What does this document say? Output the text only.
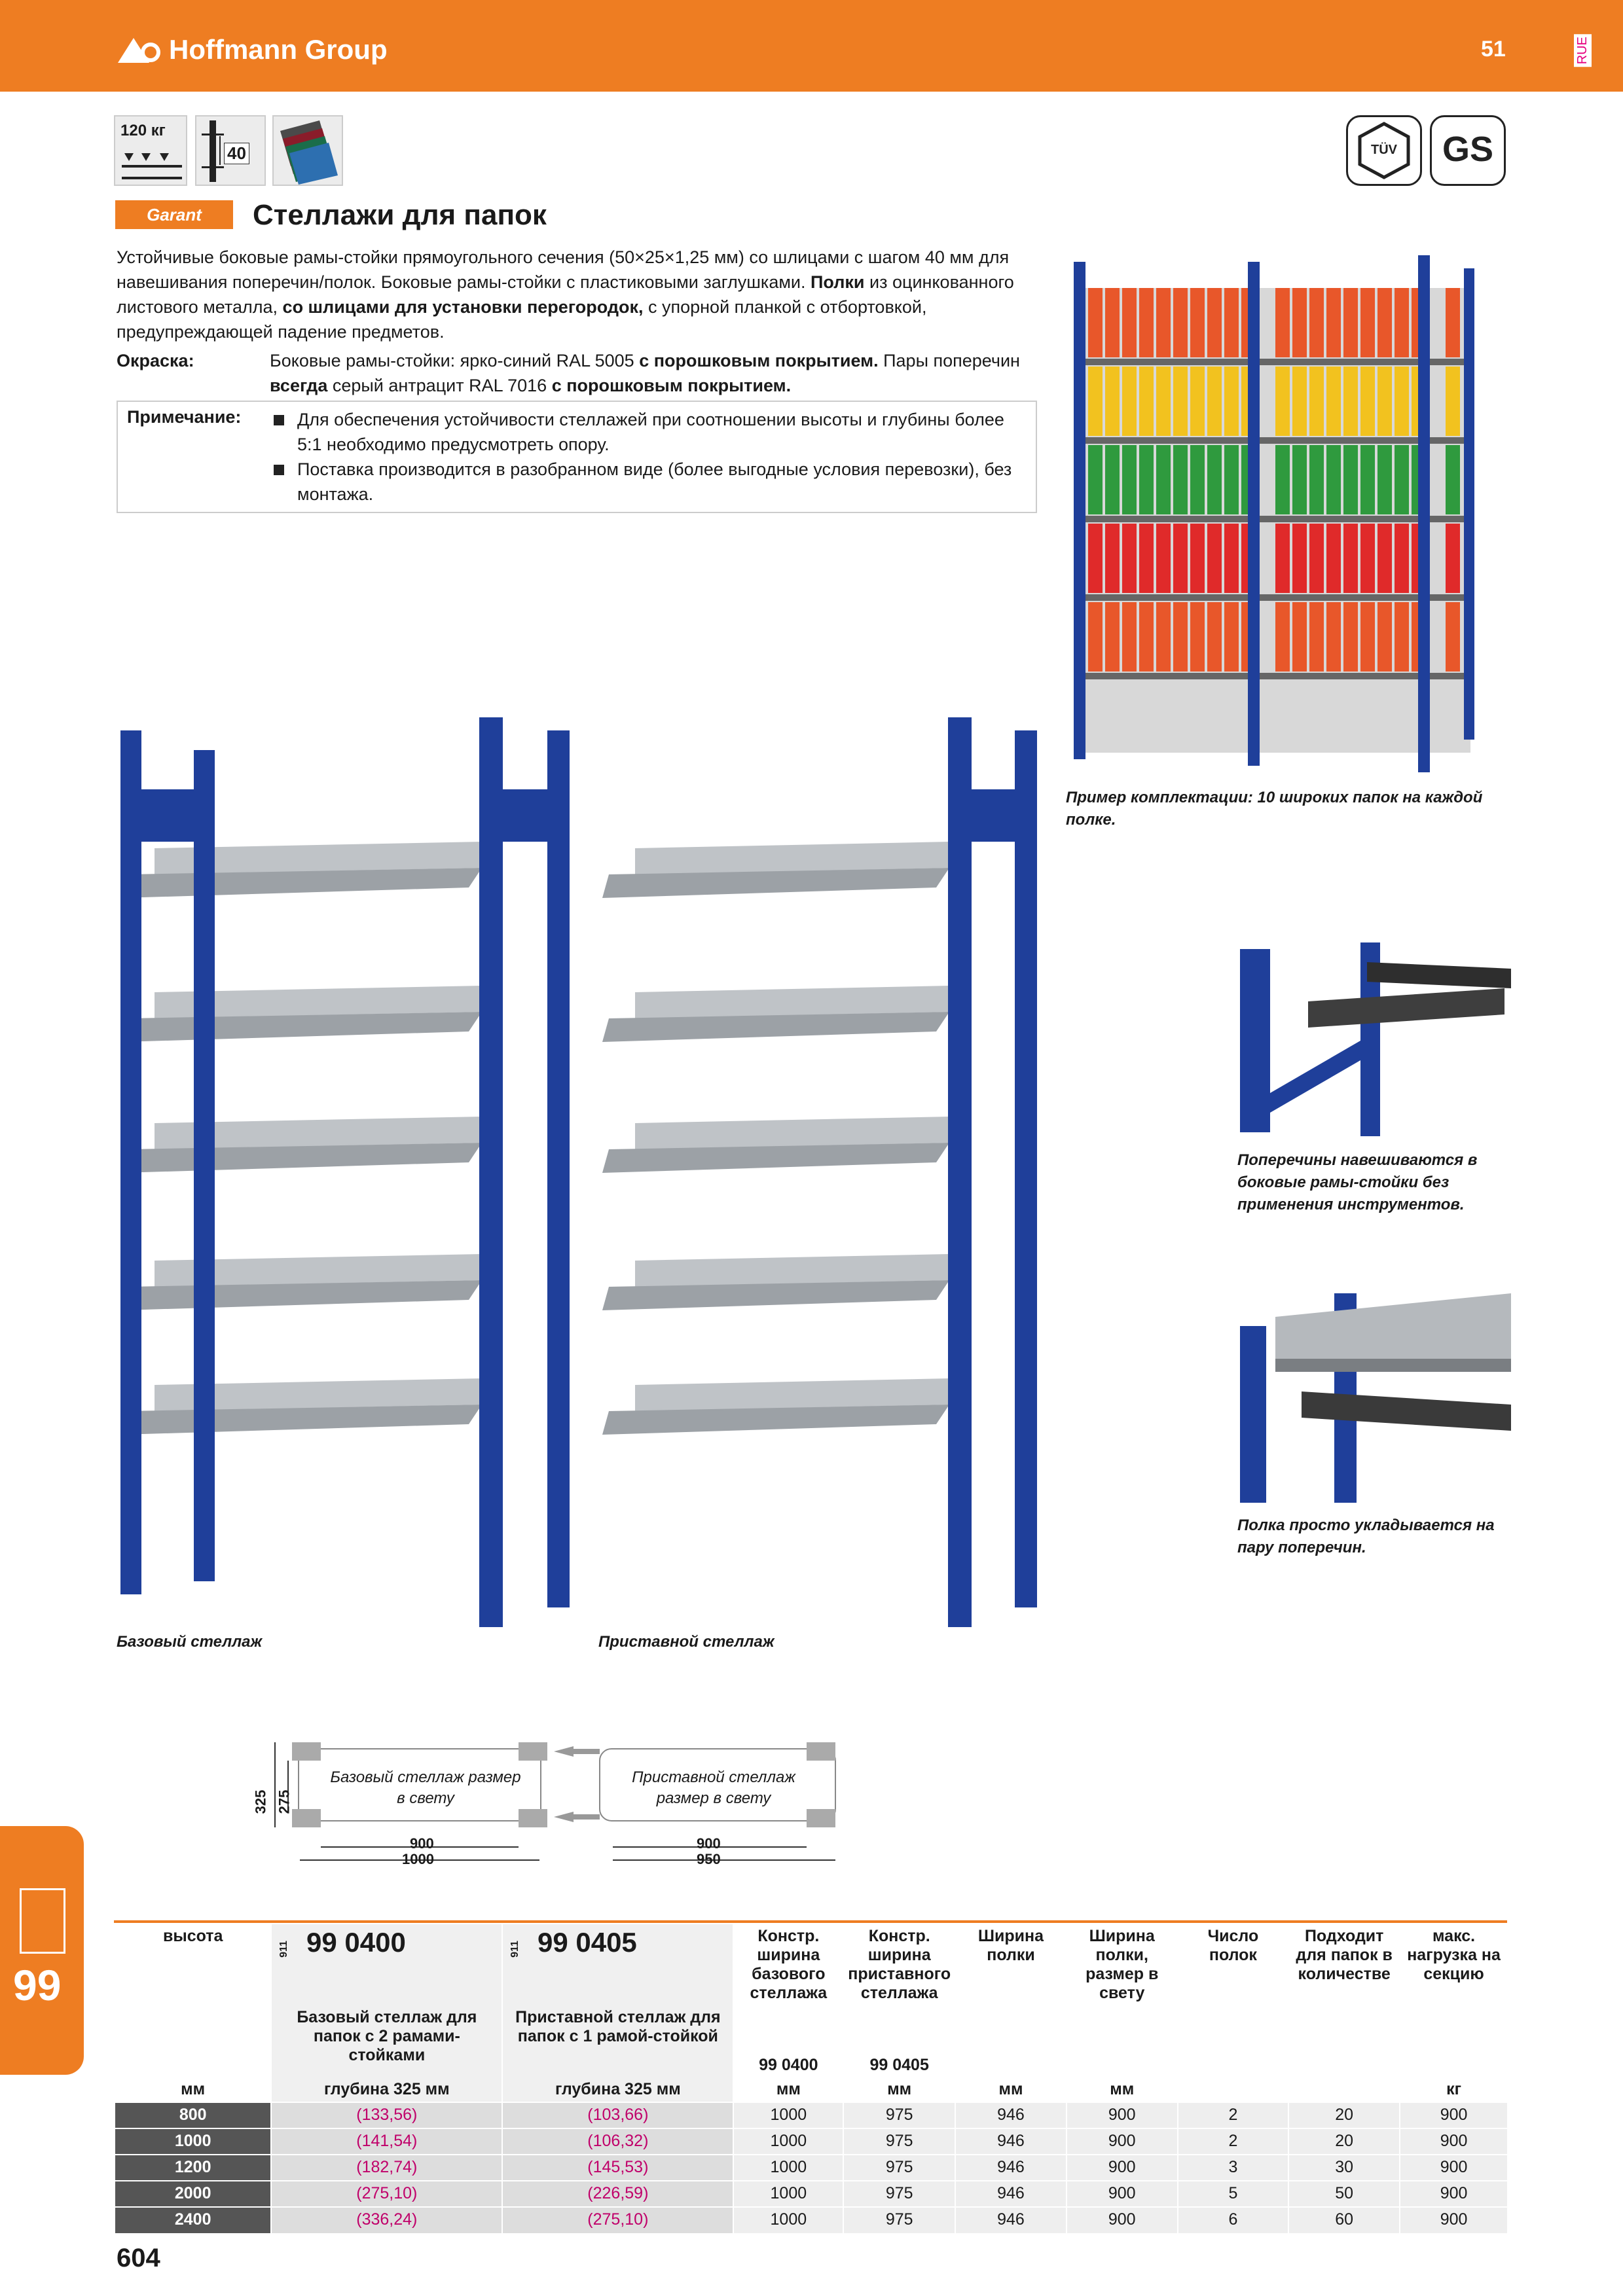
Hoffmann Group	51	RUE
120 кг
40	TÜV GS
Garant	Стеллажи для папок
Устойчивые боковые рамы-стойки прямоугольного сечения (50×25×1,25 мм) со шлицами с шагом 40 мм для навешивания поперечин/полок. Боковые рамы-стойки с пластиковыми заглушками. Полки из оцинкованного листового металла, со шлицами для установки перегородок, с упорной планкой с отбортовкой, предупреждающей падение предметов.
Окраска:	Боковые рамы-стойки: ярко-синий RAL 5005 с порошковым покрытием. Пары поперечин всегда серый антрацит RAL 7016 с порошковым покрытием.
Примечание:	Для обеспечения устойчивости стеллажей при соотношении высоты и глубины более 5:1 необходимо предусмотреть опору.
Поставка производится в разобранном виде (более выгодные условия перевозки), без монтажа.
Пример комплектации: 10 широких папок на каждой полке.
Поперечины навешиваются в боковые рамы-стойки без применения инструментов.
Полка просто укладывается на пару поперечин.
Базовый стеллаж	Приставной стеллаж
Базовый стеллаж размер в свету
Приставной стеллаж размер в свету
325 275
900
1000
900
950
99
высота	911 99 0400	911 99 0405	Констр. ширина базового стеллажа	Констр. ширина приставного стеллажа	Ширина полки	Ширина полки, размер в свету	Число полок	Подходит для папок в количестве	макс. нагрузка на секцию
	Базовый стеллаж для папок с 2 рамами-стойками	Приставной стеллаж для папок с 1 рамой-стойкой	99 0400	99 0405					
мм	глубина 325 мм	глубина 325 мм	мм	мм	мм	мм			кг
800	(133,56)	(103,66)	1000	975	946	900	2	20	900
1000	(141,54)	(106,32)	1000	975	946	900	2	20	900
1200	(182,74)	(145,53)	1000	975	946	900	3	30	900
2000	(275,10)	(226,59)	1000	975	946	900	5	50	900
2400	(336,24)	(275,10)	1000	975	946	900	6	60	900
604
